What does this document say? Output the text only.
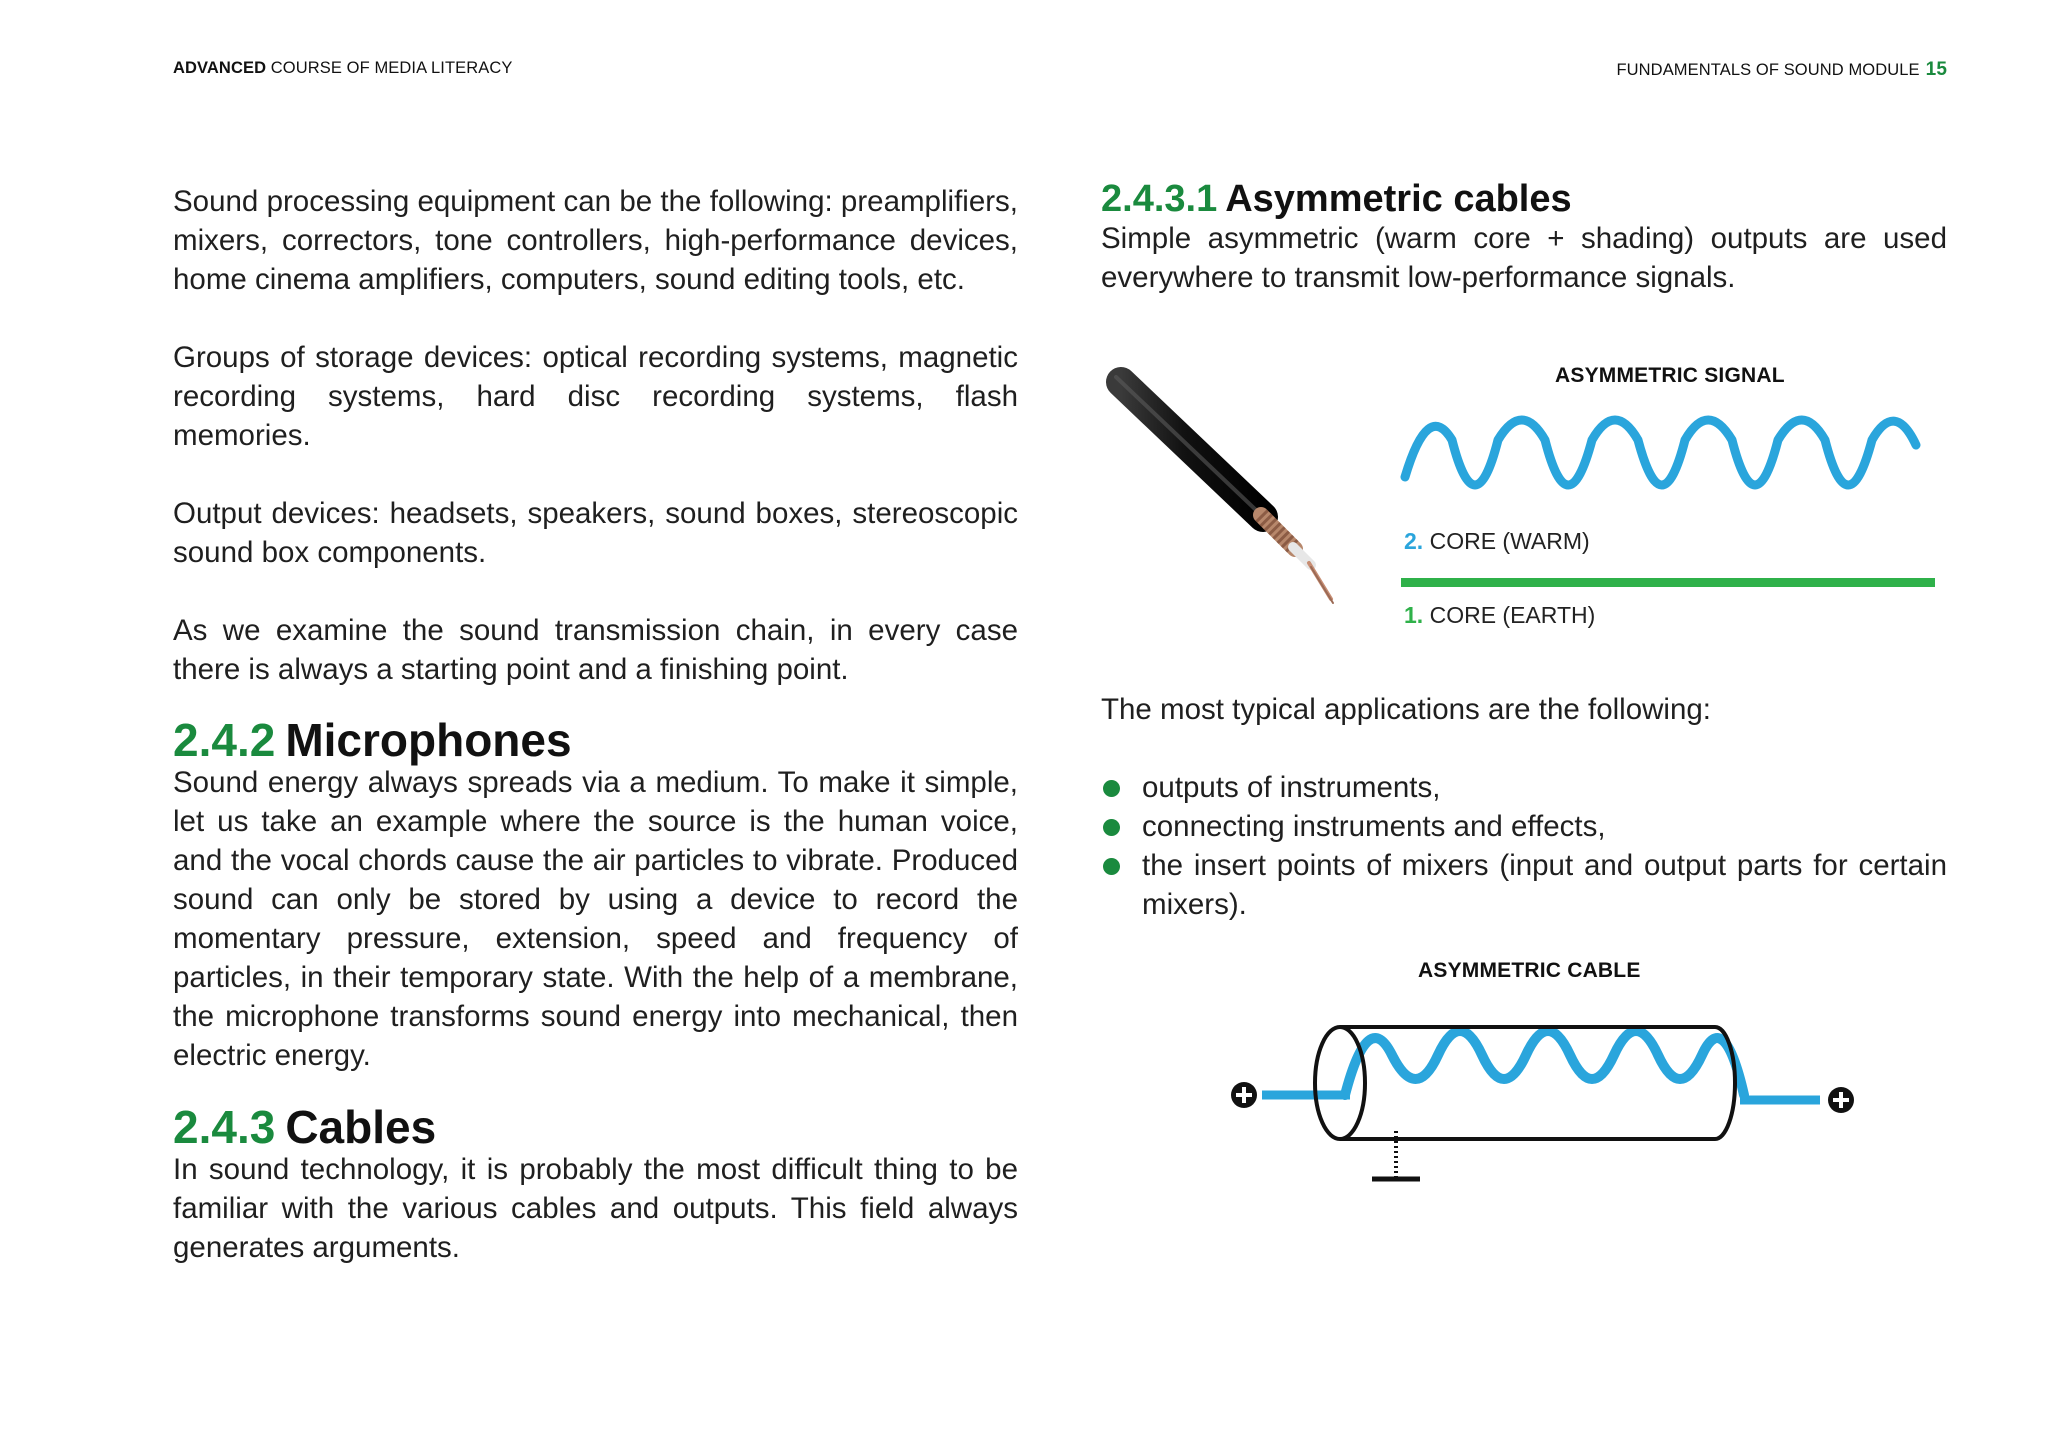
ADVANCED COURSE OF MEDIA LITERACY	FUNDAMENTALS OF SOUND MODULE 15

Sound processing equipment can be the following: preamplifiers, mixers, correctors, tone controllers, high-performance devices, home cinema amplifiers, computers, sound editing tools, etc.

Groups of storage devices: optical recording systems, magnetic recording systems, hard disc recording systems, flash memories.

Output devices: headsets, speakers, sound boxes, stereoscopic sound box components.

As we examine the sound transmission chain, in every case there is always a starting point and a finishing point.

2.4.2 Microphones

Sound energy always spreads via a medium. To make it simple, let us take an example where the source is the human voice, and the vocal chords cause the air particles to vibrate. Produced sound can only be stored by using a device to record the momentary pressure, extension, speed and frequency of particles, in their temporary state. With the help of a membrane, the microphone transforms sound energy into mechanical, then electric energy.

2.4.3 Cables

In sound technology, it is probably the most difficult thing to be familiar with the various cables and outputs. This field always generates arguments.

2.4.3.1 Asymmetric cables

Simple asymmetric (warm core + shading) outputs are used everywhere to transmit low-performance signals.

ASYMMETRIC SIGNAL
2. CORE (WARM)
1. CORE (EARTH)

The most typical applications are the following:

outputs of instruments,
connecting instruments and effects,
the insert points of mixers (input and output parts for certain mixers).
ASYMMETRIC CABLE
